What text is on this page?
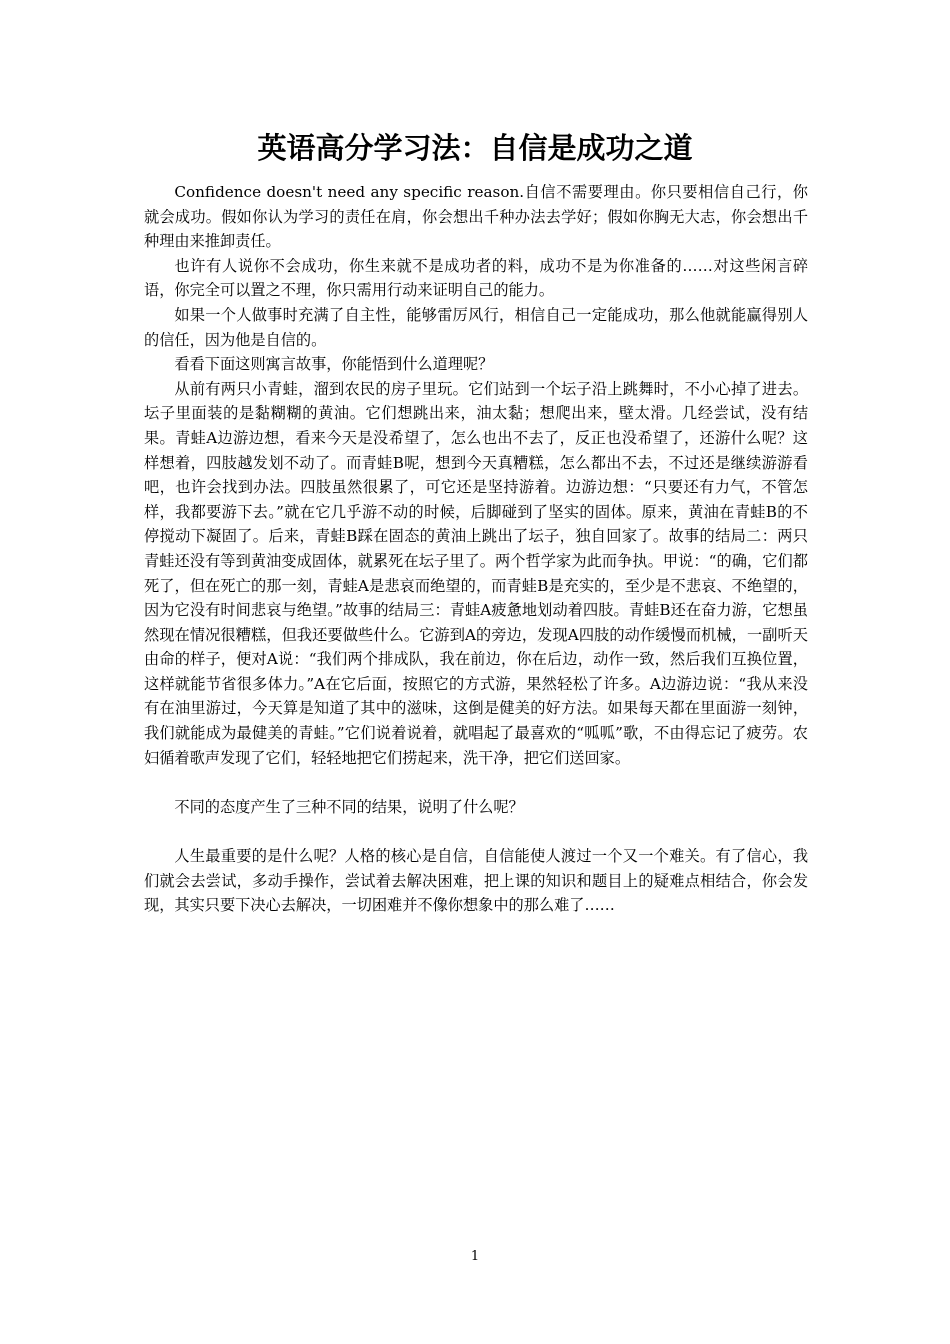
英语高分学习法：自信是成功之道

Confidence doesn't need any specific reason.自信不需要理由。你只要相信自己行，你就会成功。假如你认为学习的责任在肩，你会想出千种办法去学好；假如你胸无大志，你会想出千种理由来推卸责任。

也许有人说你不会成功，你生来就不是成功者的料，成功不是为你准备的……对这些闲言碎语，你完全可以置之不理，你只需用行动来证明自己的能力。

如果一个人做事时充满了自主性，能够雷厉风行，相信自己一定能成功，那么他就能赢得别人的信任，因为他是自信的。

看看下面这则寓言故事，你能悟到什么道理呢？

从前有两只小青蛙，溜到农民的房子里玩。它们站到一个坛子沿上跳舞时，不小心掉了进去。坛子里面装的是黏糊糊的黄油。它们想跳出来，油太黏；想爬出来，壁太滑。几经尝试，没有结果。青蛙A边游边想，看来今天是没希望了，怎么也出不去了，反正也没希望了，还游什么呢？这样想着，四肢越发划不动了。而青蛙B呢，想到今天真糟糕，怎么都出不去，不过还是继续游游看吧，也许会找到办法。四肢虽然很累了，可它还是坚持游着。边游边想：“只要还有力气，不管怎样，我都要游下去。”就在它几乎游不动的时候，后脚碰到了坚实的固体。原来，黄油在青蛙B的不停搅动下凝固了。后来，青蛙B踩在固态的黄油上跳出了坛子，独自回家了。故事的结局二：两只青蛙还没有等到黄油变成固体，就累死在坛子里了。两个哲学家为此而争执。甲说：“的确，它们都死了，但在死亡的那一刻，青蛙A是悲哀而绝望的，而青蛙B是充实的，至少是不悲哀、不绝望的，因为它没有时间悲哀与绝望。”故事的结局三：青蛙A疲惫地划动着四肢。青蛙B还在奋力游，它想虽然现在情况很糟糕，但我还要做些什么。它游到A的旁边，发现A四肢的动作缓慢而机械，一副听天由命的样子，便对A说：“我们两个排成队，我在前边，你在后边，动作一致，然后我们互换位置，这样就能节省很多体力。”A在它后面，按照它的方式游，果然轻松了许多。A边游边说：“我从来没有在油里游过，今天算是知道了其中的滋味，这倒是健美的好方法。如果每天都在里面游一刻钟，我们就能成为最健美的青蛙。”它们说着说着，就唱起了最喜欢的“呱呱”歌，不由得忘记了疲劳。农妇循着歌声发现了它们，轻轻地把它们捞起来，洗干净，把它们送回家。

不同的态度产生了三种不同的结果，说明了什么呢？

人生最重要的是什么呢？人格的核心是自信，自信能使人渡过一个又一个难关。有了信心，我们就会去尝试，多动手操作，尝试着去解决困难，把上课的知识和题目上的疑难点相结合，你会发现，其实只要下决心去解决，一切困难并不像你想象中的那么难了……

1
